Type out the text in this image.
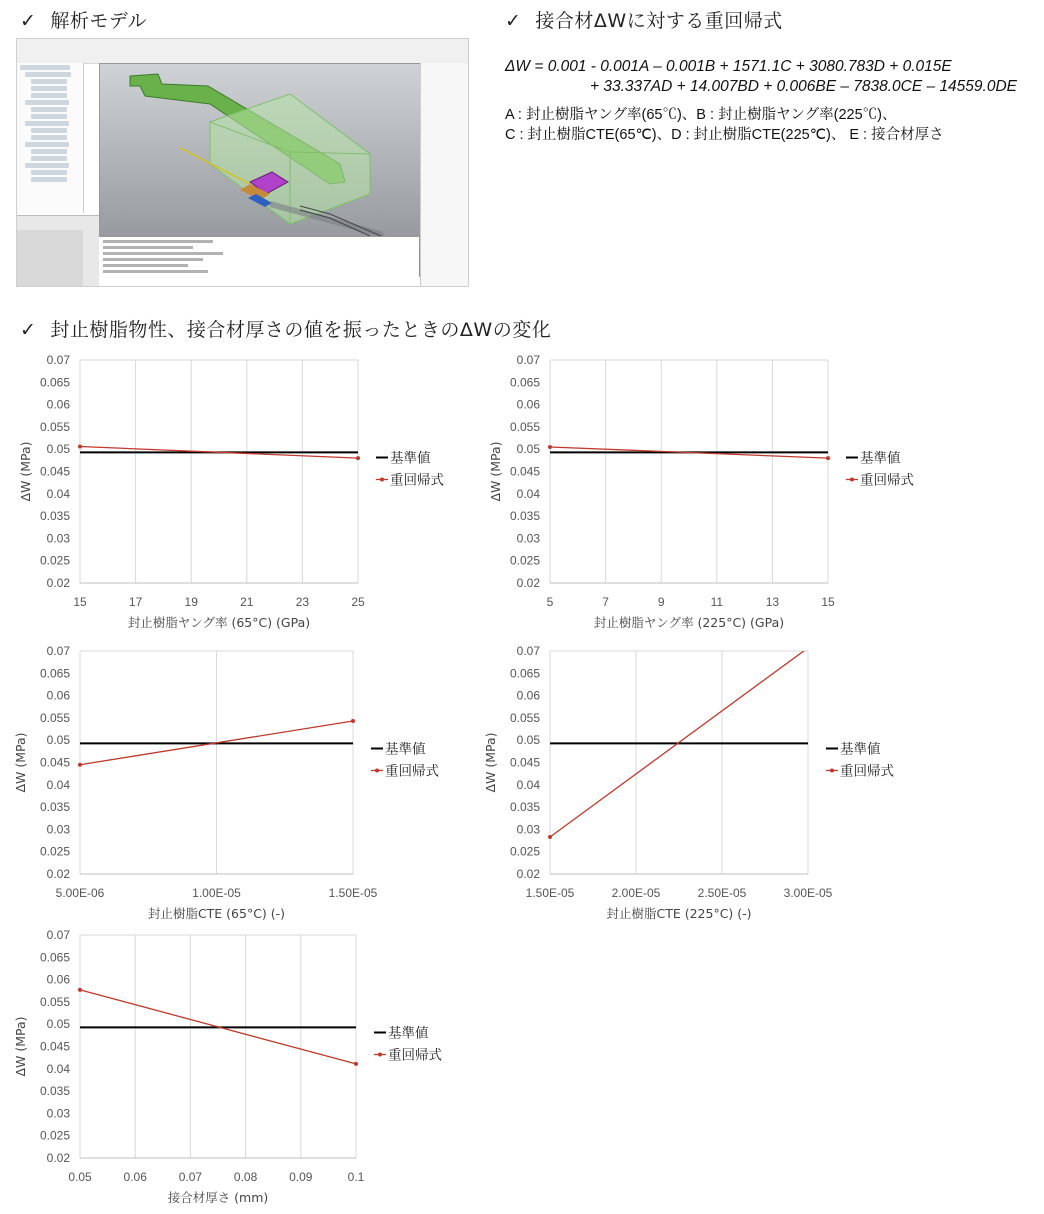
✓ 解析モデル	✓ 接合材ΔWに対する重回帰式
✓ 封止樹脂物性、接合材厚さの値を振ったときのΔWの変化
ΔW = 0.001 - 0.001A – 0.001B + 1571.1C + 3080.783D + 0.015E
+ 33.337AD + 14.007BD + 0.006BE – 7838.0CE – 14559.0DE
A : 封止樹脂ヤング率(65℃)、B : 封止樹脂ヤング率(225℃)、
C : 封止樹脂CTE(65℃)、D : 封止樹脂CTE(225℃)、 E : 接合材厚さ
0.07
0.065
0.06
0.055
0.05
0.045
0.04
0.035
0.03
0.025
0.02
15	17	19	21	23	25
封止樹脂ヤング率 (65°C) (GPa)
ΔW (MPa)	基準値
重回帰式
0.07
0.065
0.06
0.055
0.05
0.045
0.04
0.035
0.03
0.025
0.02
5	7	9	11	13	15
封止樹脂ヤング率 (225°C) (GPa)
ΔW (MPa)	基準値
重回帰式
0.07
0.065
0.06
0.055
0.05
0.045
0.04
0.035
0.03
0.025
0.02
5.00E-06	1.00E-05	1.50E-05
封止樹脂CTE (65°C) (-)
ΔW (MPa)	基準値
重回帰式
0.07
0.065
0.06
0.055
0.05
0.045
0.04
0.035
0.03
0.025
0.02
1.50E-05	2.00E-05	2.50E-05	3.00E-05
封止樹脂CTE (225°C) (-)
ΔW (MPa)	基準値
重回帰式
0.07
0.065
0.06
0.055
0.05
0.045
0.04
0.035
0.03
0.025
0.02
0.05	0.06	0.07	0.08	0.09	0.1
接合材厚さ (mm)
ΔW (MPa)	基準値
重回帰式
